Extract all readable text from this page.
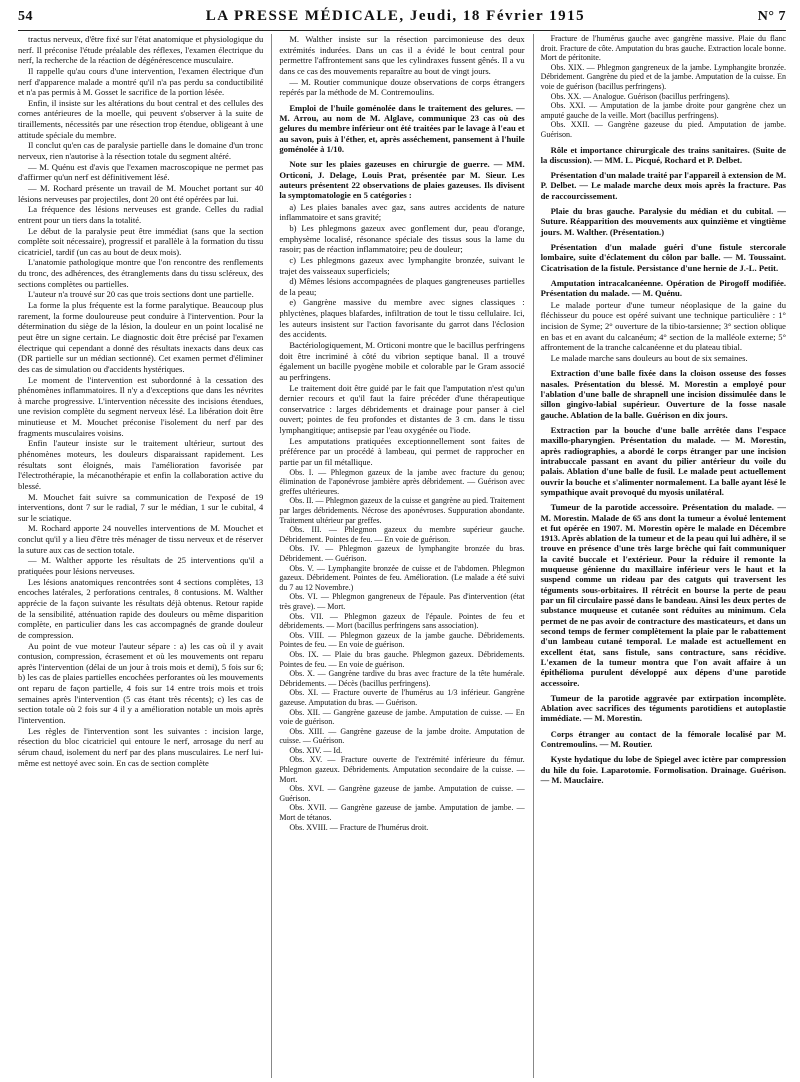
54	LA PRESSE MÉDICALE, Jeudi, 18 Février 1915	N° 7

tractus nerveux, d'être fixé sur l'état anatomique et physiologique du nerf. Il préconise l'étude préalable des réflexes, l'examen électrique du nerf, la recherche de la réaction de dégénérescence musculaire.

Il rappelle qu'au cours d'une intervention, l'examen électrique d'un nerf d'apparence malade a montré qu'il n'a pas perdu sa conductibilité et n'a pas permis à M. Gosset le sacrifice de la portion lésée.

Enfin, il insiste sur les altérations du bout central et des cellules des cornes antérieures de la moelle, qui peuvent s'observer à la suite de tiraillements, nécessités par une résection trop étendue, obligeant à une attitude spéciale du membre.

Il conclut qu'en cas de paralysie partielle dans le domaine d'un tronc nerveux, rien n'autorise à la résection totale du segment altéré.

— M. Quénu est d'avis que l'examen macroscopique ne permet pas d'affirmer qu'un nerf est définitivement lésé.

— M. Rochard présente un travail de M. Mouchet portant sur 40 lésions nerveuses par projectiles, dont 20 ont été opérées par lui.

La fréquence des lésions nerveuses est grande. Celles du radial entrent pour un tiers dans la totalité.

Le début de la paralysie peut être immédiat (sans que la section complète soit nécessaire), progressif et parallèle à la formation du tissu cicatriciel, tardif (un cas au bout de deux mois).

L'anatomie pathologique montre que l'on rencontre des renflements du tronc, des adhérences, des étranglements dans du tissu scléreux, des sections complètes ou partielles.

L'auteur n'a trouvé sur 20 cas que trois sections dont une partielle.

La forme la plus fréquente est la forme paralytique. Beaucoup plus rarement, la forme douloureuse peut conduire à l'intervention. Pour la détermination du siège de la lésion, la douleur en un point localisé ne peut être un signe certain. Le diagnostic doit être précisé par l'examen électrique qui cependant a donné des résultats inexacts dans deux cas (DR partielle sur un médian sectionné). Cet examen permet d'éliminer des cas de simulation ou d'accidents hystériques.

Le moment de l'intervention est subordonné à la cessation des phénomènes inflammatoires. Il n'y a d'exceptions que dans les névrites à marche progressive. L'intervention nécessite des incisions étendues, une revision complète du segment nerveux lésé. La libération doit être minutieuse et M. Mouchet préconise l'isolement du nerf par des fragments musculaires voisins.

Enfin l'auteur insiste sur le traitement ultérieur, surtout des phénomènes moteurs, les douleurs disparaissant rapidement. Les résultats sont éloignés, mais l'amélioration favorisée par l'électrothérapie, la mécanothérapie et enfin la collaboration active du blessé.

M. Mouchet fait suivre sa communication de l'exposé de 19 interventions, dont 7 sur le radial, 7 sur le médian, 1 sur le cubital, 4 sur le sciatique.

M. Rochard apporte 24 nouvelles interventions de M. Mouchet et conclut qu'il y a lieu d'être très ménager de tissu nerveux et de réserver la suture aux cas de section totale.

— M. Walther apporte les résultats de 25 interventions qu'il a pratiquées pour lésions nerveuses.

Les lésions anatomiques rencontrées sont 4 sections complètes, 13 encoches latérales, 2 perforations centrales, 8 contusions. M. Walther apprécie de la façon suivante les résultats déjà obtenus. Retour rapide de la sensibilité, atténuation rapide des douleurs ou même disparition complète, en particulier dans les cas accompagnés de grande douleur de compression.

Au point de vue moteur l'auteur sépare : a) les cas où il y avait contusion, compression, écrasement et où les mouvements ont reparu après l'intervention (délai de un jour à trois mois et demi), 5 fois sur 6; b) les cas de plaies partielles encochées perforantes où les mouvements ont reparu de façon partielle, 4 fois sur 14 entre trois mois et trois semaines après l'intervention (5 cas étant très récents); c) les cas de section totale où 2 fois sur 4 il y a amélioration notable un mois après l'intervention.

Les règles de l'intervention sont les suivantes : incision large, résection du bloc cicatriciel qui entoure le nerf, arrosage du nerf au sérum chaud, isolement du nerf par des plans musculaires. Le nerf lui-même est nettoyé avec soin. En cas de section complète

M. Walther insiste sur la résection parcimonieuse des deux extrémités indurées. Dans un cas il a évidé le bout central pour permettre l'affrontement sans que les cylindraxes fussent gênés. Il a vu dans ce cas des mouvements reparaître au bout de vingt jours.

— M. Routier communique douze observations de corps étrangers repérés par la méthode de M. Contremoulins.

Emploi de l'huile goménolée dans le traitement des gelures. — M. Arrou, au nom de M. Alglave, communique 23 cas où des gelures du membre inférieur ont été traitées par le lavage à l'eau et au savon, puis à l'éther, et, après asséchement, pansement à l'huile goménolée à 1/10.
Note sur les plaies gazeuses en chirurgie de guerre. — MM. Orticoni, J. Delage, Louis Prat, présentée par M. Sieur. Les auteurs présentent 22 observations de plaies gazeuses. Ils divisent la symptomatologie en 5 catégories :

a) Les plaies banales avec gaz, sans autres accidents de nature inflammatoire et sans gravité;

b) Les phlegmons gazeux avec gonflement dur, peau d'orange, emphysème localisé, résonance spéciale des tissus sous la lame du rasoir; pas de réaction inflammatoire; peu de douleur;

c) Les phlegmons gazeux avec lymphangite bronzée, suivant le trajet des vaisseaux superficiels;

d) Mêmes lésions accompagnées de plaques gangreneuses partielles de la peau;

e) Gangrène massive du membre avec signes classiques : phlyctènes, plaques blafardes, infiltration de tout le tissu cellulaire. Ici, les auteurs insistent sur l'action favorisante du garrot dans l'éclosion des accidents.

Bactériologiquement, M. Orticoni montre que le bacillus perfringens doit être incriminé à côté du vibrion septique banal. Il a trouvé également un bacille pyogène mobile et colorable par le Gram associé au perfringens.

Le traitement doit être guidé par le fait que l'amputation n'est qu'un dernier recours et qu'il faut la faire précéder d'une thérapeutique conservatrice : larges débridements et drainage pour panser à ciel ouvert; pointes de feu profondes et distantes de 3 cm. dans le tissu lymphangitique; antisepsie par l'eau oxygénée ou l'iode.

Les amputations pratiquées exceptionnellement sont faites de préférence par un procédé à lambeau, qui permet de rapprocher en partie par un fil métallique.

Obs. I. — Phlegmon gazeux de la jambe avec fracture du genou; élimination de l'aponévrose jambière après débridement. — Guérison avec greffes ultérieures.

Obs. II. — Phlegmon gazeux de la cuisse et gangrène au pied. Traitement par larges débridements. Nécrose des aponévroses. Suppuration abondante. Traitement ultérieur par greffes.

Obs. III. — Phlegmon gazeux du membre supérieur gauche. Débridement. Pointes de feu. — En voie de guérison.

Obs. IV. — Phlegmon gazeux de lymphangite bronzée du bras. Débridement. — Guérison.

Obs. V. — Lymphangite bronzée de cuisse et de l'abdomen. Phlegmon gazeux. Débridement. Pointes de feu. Amélioration. (Le malade a été suivi du 7 au 12 Novembre.)

Obs. VI. — Phlegmon gangreneux de l'épaule. Pas d'intervention (état très grave). — Mort.

Obs. VII. — Phlegmon gazeux de l'épaule. Pointes de feu et débridements. — Mort (bacillus perfringens sans association).

Obs. VIII. — Phlegmon gazeux de la jambe gauche. Débridements. Pointes de feu. — En voie de guérison.

Obs. IX. — Plaie du bras gauche. Phlegmon gazeux. Débridements. Pointes de feu. — En voie de guérison.

Obs. X. — Gangrène tardive du bras avec fracture de la tête humérale. Débridements. — Décès (bacillus perfringens).

Obs. XI. — Fracture ouverte de l'humérus au 1/3 inférieur. Gangrène gazeuse. Amputation du bras. — Guérison.

Obs. XII. — Gangrène gazeuse de jambe. Amputation de cuisse. — En voie de guérison.

Obs. XIII. — Gangrène gazeuse de la jambe droite. Amputation de cuisse. — Guérison.

Obs. XIV. — Id.

Obs. XV. — Fracture ouverte de l'extrémité inférieure du fémur. Phlegmon gazeux. Débridements. Amputation secondaire de la cuisse. — Mort.

Obs. XVI. — Gangrène gazeuse de jambe. Amputation de cuisse. — Guérison.

Obs. XVII. — Gangrène gazeuse de jambe. Amputation de jambe. — Mort de tétanos.

Obs. XVIII. — Fracture de l'humérus droit.

Fracture de l'humérus gauche avec gangrène massive. Plaie du flanc droit. Fracture de côte. Amputation du bras gauche. Extraction locale bonne. Mort de péritonite.

Obs. XIX. — Phlegmon gangreneux de la jambe. Lymphangite bronzée. Débridement. Gangrène du pied et de la jambe. Amputation de la cuisse. En voie de guérison (bacillus perfringens).

Obs. XX. — Analogue. Guérison (bacillus perfringens).

Obs. XXI. — Amputation de la jambe droite pour gangrène chez un amputé gauche de la veille. Mort (bacillus perfringens).

Obs. XXII. — Gangrène gazeuse du pied. Amputation de jambe. Guérison.

Rôle et importance chirurgicale des trains sanitaires. (Suite de la discussion). — MM. L. Picqué, Rochard et P. Delbet.
Présentation d'un malade traité par l'appareil à extension de M. P. Delbet. — Le malade marche deux mois après la fracture. Pas de raccourcissement.
Plaie du bras gauche. Paralysie du médian et du cubital. — Suture. Réapparition des mouvements aux quinzième et vingtième jours. M. Walther. (Présentation.)
Présentation d'un malade guéri d'une fistule stercorale lombaire, suite d'éclatement du côlon par balle. — M. Toussaint. Cicatrisation de la fistule. Persistance d'une hernie de J.-L. Petit.
Amputation intracalcanéenne. Opération de Pirogoff modifiée. Présentation du malade. — M. Quénu.

Le malade porteur d'une tumeur néoplasique de la gaine du fléchisseur du pouce est opéré suivant une technique particulière : 1° incision de Syme; 2° ouverture de la tibio-tarsienne; 3° section oblique en bas et en avant du calcanéum; 4° section de la malléole externe; 5° affrontement de la tranche calcanéenne et du plateau tibial.

Le malade marche sans douleurs au bout de six semaines.

Extraction d'une balle fixée dans la cloison osseuse des fosses nasales. Présentation du blessé. M. Morestin a employé pour l'ablation d'une balle de shrapnell une incision dissimulée dans le sillon gingivo-labial supérieur. Ouverture de la fosse nasale gauche. Ablation de la balle. Guérison en dix jours.
Extraction par la bouche d'une balle arrêtée dans l'espace maxillo-pharyngien. Présentation du malade. — M. Morestin, après radiographies, a abordé le corps étranger par une incision intrabuccale passant en avant du pilier antérieur du voile du palais. Ablation d'une balle de fusil. Le malade peut actuellement ouvrir la bouche et s'alimenter normalement. La balle ayant lésé le sympathique avait provoqué du myosis unilatéral.
Tumeur de la parotide accessoire. Présentation du malade. — M. Morestin. Malade de 65 ans dont la tumeur a évolué lentement et fut opérée en 1907. M. Morestin opère le malade en Décembre 1913. Après ablation de la tumeur et de la peau qui lui adhère, il se trouve en présence d'une très large brèche qui fait communiquer la cavité buccale et l'extérieur. Pour la réduire il remonte la muqueuse génienne du maxillaire inférieur vers le haut et la suspend comme un rideau par des catguts qui traversent les téguments sous-orbitaires. Il rétrécit en bourse la perte de peau par un fil circulaire passé dans le bandeau. Ainsi les deux pertes de substance muqueuse et cutanée sont réduites au minimum. Cela permet de ne pas avoir de contracture des masticateurs, et dans un second temps de fermer complètement la plaie par le rabattement d'un lambeau cutané temporal. Le malade est actuellement en excellent état, sans fistule, sans contracture, sans récidive. L'examen de la tumeur montra que l'on avait affaire à un épithélioma purulent développé aux dépens d'une parotide accessoire.
Tumeur de la parotide aggravée par extirpation incomplète. Ablation avec sacrifices des téguments parotidiens et autoplastie immédiate. — M. Morestin.
Corps étranger au contact de la fémorale localisé par M. Contremoulins. — M. Routier.
Kyste hydatique du lobe de Spiegel avec ictère par compression du hile du foie. Laparotomie. Formolisation. Drainage. Guérison. — M. Mauclaire.
